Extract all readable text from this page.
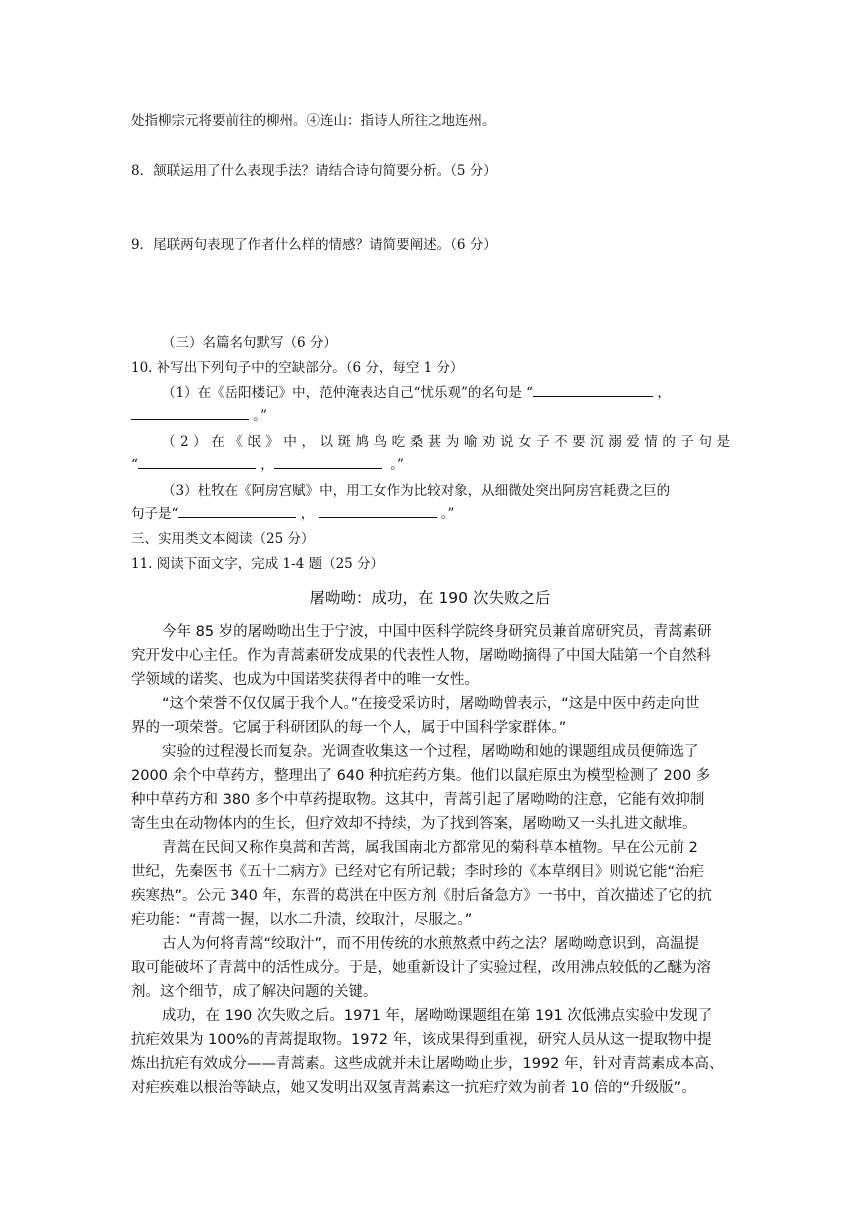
处指柳宗元将要前往的柳州。④连山：指诗人所往之地连州。
8．颔联运用了什么表现手法？请结合诗句简要分析。（5 分）
9．尾联两句表现了作者什么样的情感？请简要阐述。（6 分）
（三）名篇名句默写（6 分）
10. 补写出下列句子中的空缺部分。（6 分，每空 1 分）
（1）在《岳阳楼记》中，范仲淹表达自己“忧乐观”的名句是 “	，
。”
（2）在《氓》中，以斑鸠鸟吃桑葚为喻劝说女子不要沉溺爱情的子句是
“	，	。”
（3）杜牧在《阿房宫赋》中，用工女作为比较对象，从细微处突出阿房宫耗费之巨的
句子是“	，	。”
三、实用类文本阅读（25 分）
11. 阅读下面文字，完成 1-4 题（25 分）
屠呦呦：成功，在 190 次失败之后

今年 85 岁的屠呦呦出生于宁波，中国中医科学院终身研究员兼首席研究员，青蒿素研

究开发中心主任。作为青蒿素研发成果的代表性人物，屠呦呦摘得了中国大陆第一个自然科

学领域的诺奖、也成为中国诺奖获得者中的唯一女性。

“这个荣誉不仅仅属于我个人。”在接受采访时，屠呦呦曾表示，“这是中医中药走向世

界的一项荣誉。它属于科研团队的每一个人，属于中国科学家群体。”

实验的过程漫长而复杂。光调查收集这一个过程，屠呦呦和她的课题组成员便筛选了

2000 余个中草药方，整理出了 640 种抗疟药方集。他们以鼠疟原虫为模型检测了 200 多

种中草药方和 380 多个中草药提取物。这其中，青蒿引起了屠呦呦的注意，它能有效抑制

寄生虫在动物体内的生长，但疗效却不持续，为了找到答案，屠呦呦又一头扎进文献堆。

青蒿在民间又称作臭蒿和苦蒿，属我国南北方都常见的菊科草本植物。早在公元前 2

世纪，先秦医书《五十二病方》已经对它有所记载；李时珍的《本草纲目》则说它能“治疟

疾寒热”。公元 340 年，东晋的葛洪在中医方剂《肘后备急方》一书中，首次描述了它的抗

疟功能：“青蒿一握，以水二升渍，绞取汁，尽服之。”

古人为何将青蒿“绞取汁”，而不用传统的水煎熬煮中药之法？屠呦呦意识到，高温提

取可能破坏了青蒿中的活性成分。于是，她重新设计了实验过程，改用沸点较低的乙醚为溶

剂。这个细节，成了解决问题的关键。

成功，在 190 次失败之后。1971 年，屠呦呦课题组在第 191 次低沸点实验中发现了

抗疟效果为 100%的青蒿提取物。1972 年，该成果得到重视，研究人员从这一提取物中提

炼出抗疟有效成分——青蒿素。这些成就并未让屠呦呦止步，1992 年，针对青蒿素成本高、

对疟疾难以根治等缺点，她又发明出双氢青蒿素这一抗疟疗效为前者 10 倍的“升级版”。
